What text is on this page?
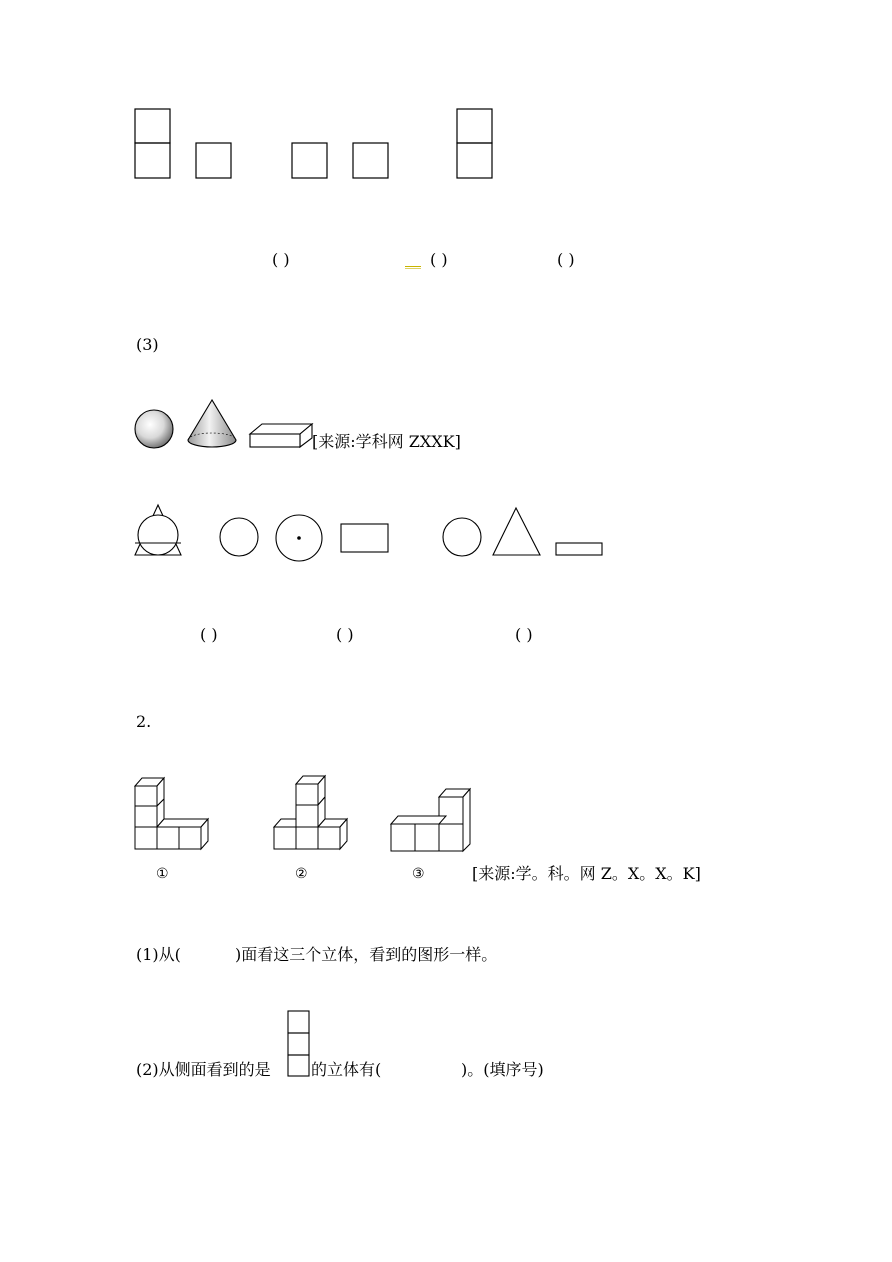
( )	__ ( )	( )
(3)
[来源:学科网 ZXXK]
( )	( )	( )
2.
①	②	③	[来源:学。科。网 Z。X。X。K]
(1)从(	)面看这三个立体，看到的图形一样。
(2)从侧面看到的是	的立体有(	)。(填序号)
